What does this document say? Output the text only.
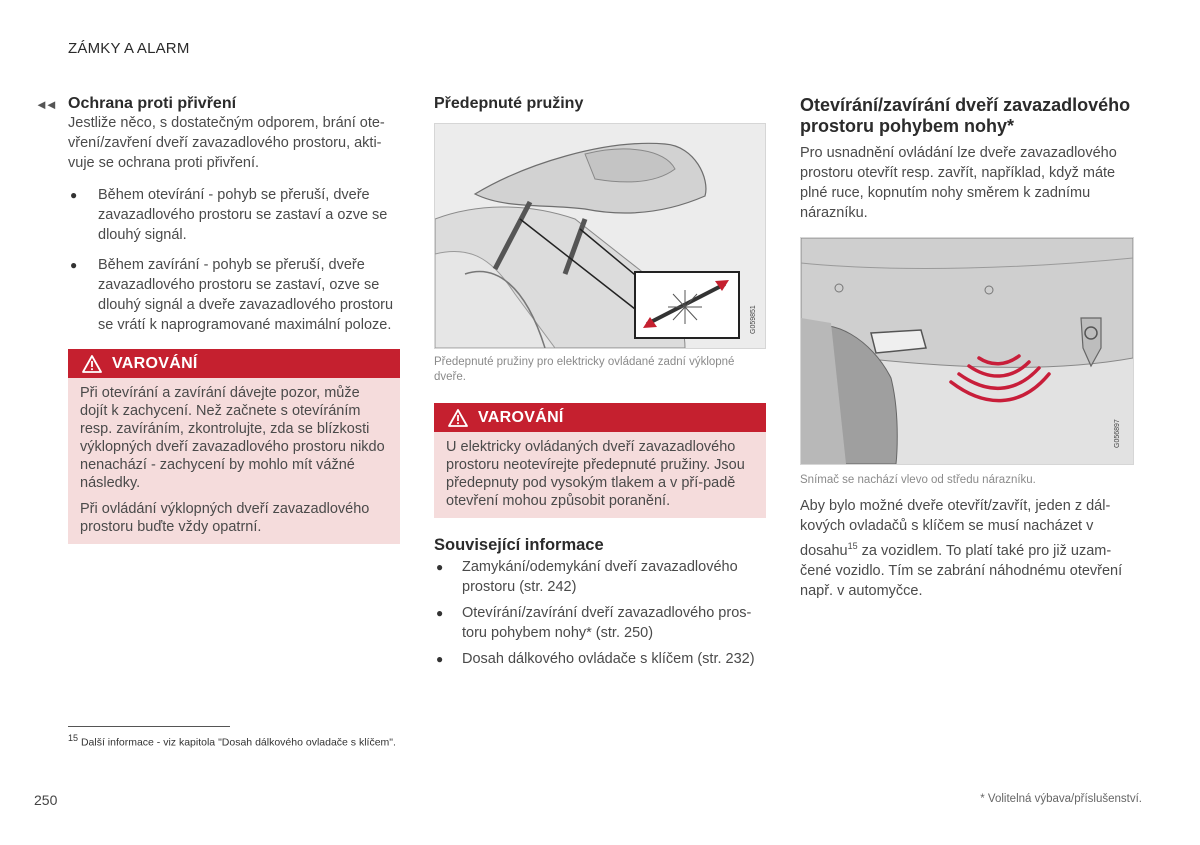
ZÁMKY A ALARM
◄◄ Ochrana proti přivření

Jestliže něco, s dostatečným odporem, brání ote-vření/zavření dveří zavazadlového prostoru, akti-vuje se ochrana proti přivření.

● Během otevírání - pohyb se přeruší, dveře zavazadlového prostoru se zastaví a ozve se dlouhý signál.
● Během zavírání - pohyb se přeruší, dveře zavazadlového prostoru se zastaví, ozve se dlouhý signál a dveře zavazadlového prostoru se vrátí k naprogramované maximální poloze.
VAROVÁNÍ

Při otevírání a zavírání dávejte pozor, může dojít k zachycení. Než začnete s otevíráním resp. zavíráním, zkontrolujte, zda se blízkosti výklopných dveří zavazadlového prostoru nikdo nenachází - zachycení by mohlo mít vážné následky.

Při ovládání výklopných dveří zavazadlového prostoru buďte vždy opatrní.

Předepnuté pružiny
G059851

Předepnuté pružiny pro elektricky ovládané zadní výklopné dveře.

VAROVÁNÍ

U elektricky ovládaných dveří zavazadlového prostoru neotevírejte předepnuté pružiny. Jsou předepnuty pod vysokým tlakem a v pří-padě otevření mohou způsobit poranění.

Související informace
● Zamykání/odemykání dveří zavazadlového prostoru (str. 242)
● Otevírání/zavírání dveří zavazadlového pros-toru pohybem nohy* (str. 250)
● Dosah dálkového ovládače s klíčem (str. 232)
Otevírání/zavírání dveří zavazadlového prostoru pohybem nohy*

Pro usnadnění ovládání lze dveře zavazadlového prostoru otevřít resp. zavřít, například, když máte plné ruce, kopnutím nohy směrem k zadnímu nárazníku.

G056897

Snímač se nachází vlevo od středu nárazníku.

Aby bylo možné dveře otevřít/zavřít, jeden z dál-kových ovladačů s klíčem se musí nacházet v dosahu$^{15}$ za vozidlem. To platí také pro již uzam-čené vozidlo. Tím se zabrání náhodnému otevření např. v automyčce.

$^{15}$ Další informace - viz kapitola "Dosah dálkového ovladače s klíčem".
250	* Volitelná výbava/příslušenství.
